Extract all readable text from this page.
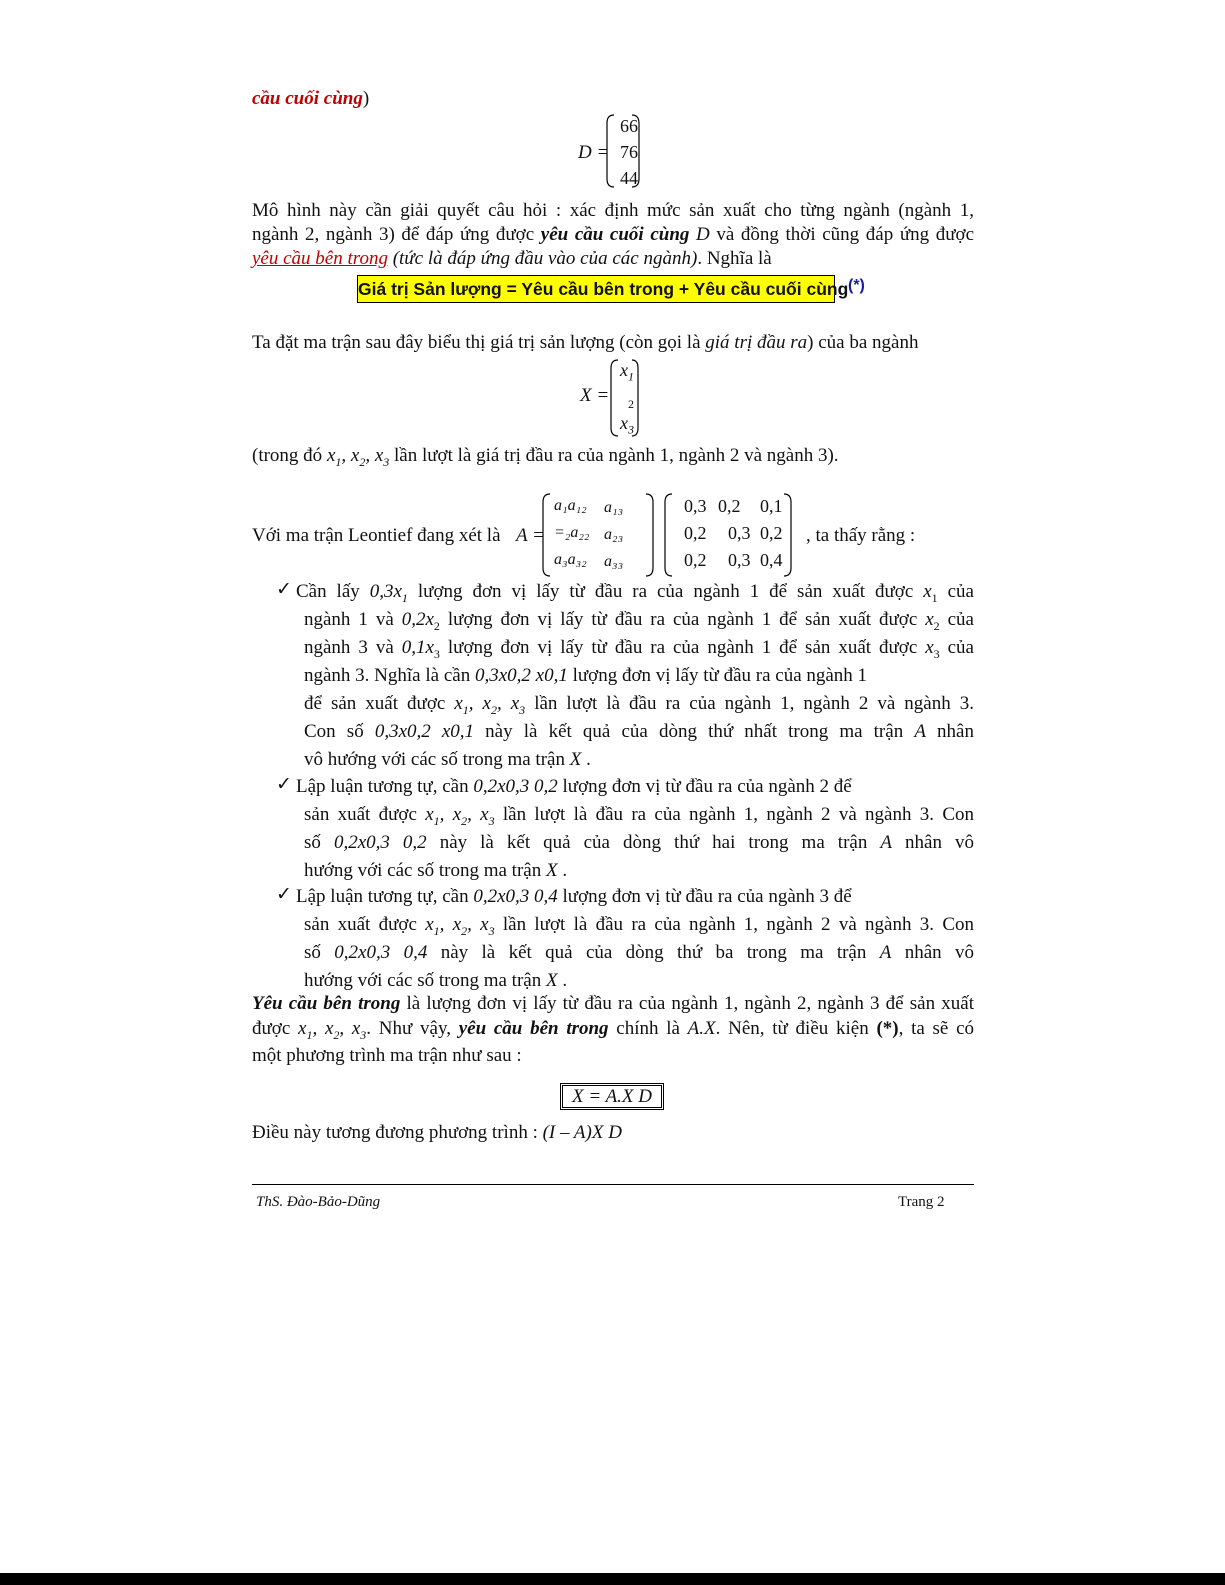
cầu cuối cùng)
D =
66
76
44
Mô hình này cần giải quyết câu hỏi : xác định mức sản xuất cho từng ngành (ngành 1,
ngành 2, ngành 3) để đáp ứng được yêu cầu cuối cùng D và đồng thời cũng đáp ứng được
yêu cầu bên trong (tức là đáp ứng đầu vào của các ngành). Nghĩa là
Giá trị Sản lượng = Yêu cầu bên trong + Yêu cầu cuối cùng (*)
Ta đặt ma trận sau đây biểu thị giá trị sản lượng (còn gọi là giá trị đầu ra) của ba ngành
X =
$x_1$
$_2$
$x_3$
(trong đó $x_1$, $x_2$, $x_3$ lần lượt là giá trị đầu ra của ngành 1, ngành 2 và ngành 3).
Với ma trận Leontief đang xét là A =
a₁a₁₂ a₁₃
=₂a₂₂ a₂₃
a₃a₃₂ a₃₃
0,3 0,2 0,1
0,2 0,3 0,2
0,2 0,3 0,4
, ta thấy rằng :
✓ Cần lấy $0,3x_1$ lượng đơn vị lấy từ đầu ra của ngành 1 để sản xuất được $x_1$ của
ngành 1 và $0,2x_2$ lượng đơn vị lấy từ đầu ra của ngành 1 để sản xuất được $x_2$ của
ngành 3 và $0,1x_3$ lượng đơn vị lấy từ đầu ra của ngành 1 để sản xuất được $x_3$ của
ngành 3. Nghĩa là cần 0,3x0,2 x0,1 lượng đơn vị lấy từ đầu ra của ngành 1
để sản xuất được $x_1$, $x_2$, $x_3$ lần lượt là đầu ra của ngành 1, ngành 2 và ngành 3.
Con số 0,3x0,2 x0,1 này là kết quả của dòng thứ nhất trong ma trận A nhân
vô hướng với các số trong ma trận X .
✓ Lập luận tương tự, cần 0,2x0,3 0,2 lượng đơn vị từ đầu ra của ngành 2 để
sản xuất được $x_1$, $x_2$, $x_3$ lần lượt là đầu ra của ngành 1, ngành 2 và ngành 3. Con
số 0,2x0,3 0,2 này là kết quả của dòng thứ hai trong ma trận A nhân vô
hướng với các số trong ma trận X .
✓ Lập luận tương tự, cần 0,2x0,3 0,4 lượng đơn vị từ đầu ra của ngành 3 để
sản xuất được $x_1$, $x_2$, $x_3$ lần lượt là đầu ra của ngành 1, ngành 2 và ngành 3. Con
số 0,2x0,3 0,4 này là kết quả của dòng thứ ba trong ma trận A nhân vô
hướng với các số trong ma trận X .
Yêu cầu bên trong là lượng đơn vị lấy từ đầu ra của ngành 1, ngành 2, ngành 3 để sản xuất
được $x_1$, $x_2$, $x_3$. Như vậy, yêu cầu bên trong chính là A.X. Nên, từ điều kiện (*), ta sẽ có
một phương trình ma trận như sau :
X = A.X D
Điều này tương đương phương trình : (I – A)X D
ThS. Đào-Bảo-Dũng	Trang 2
